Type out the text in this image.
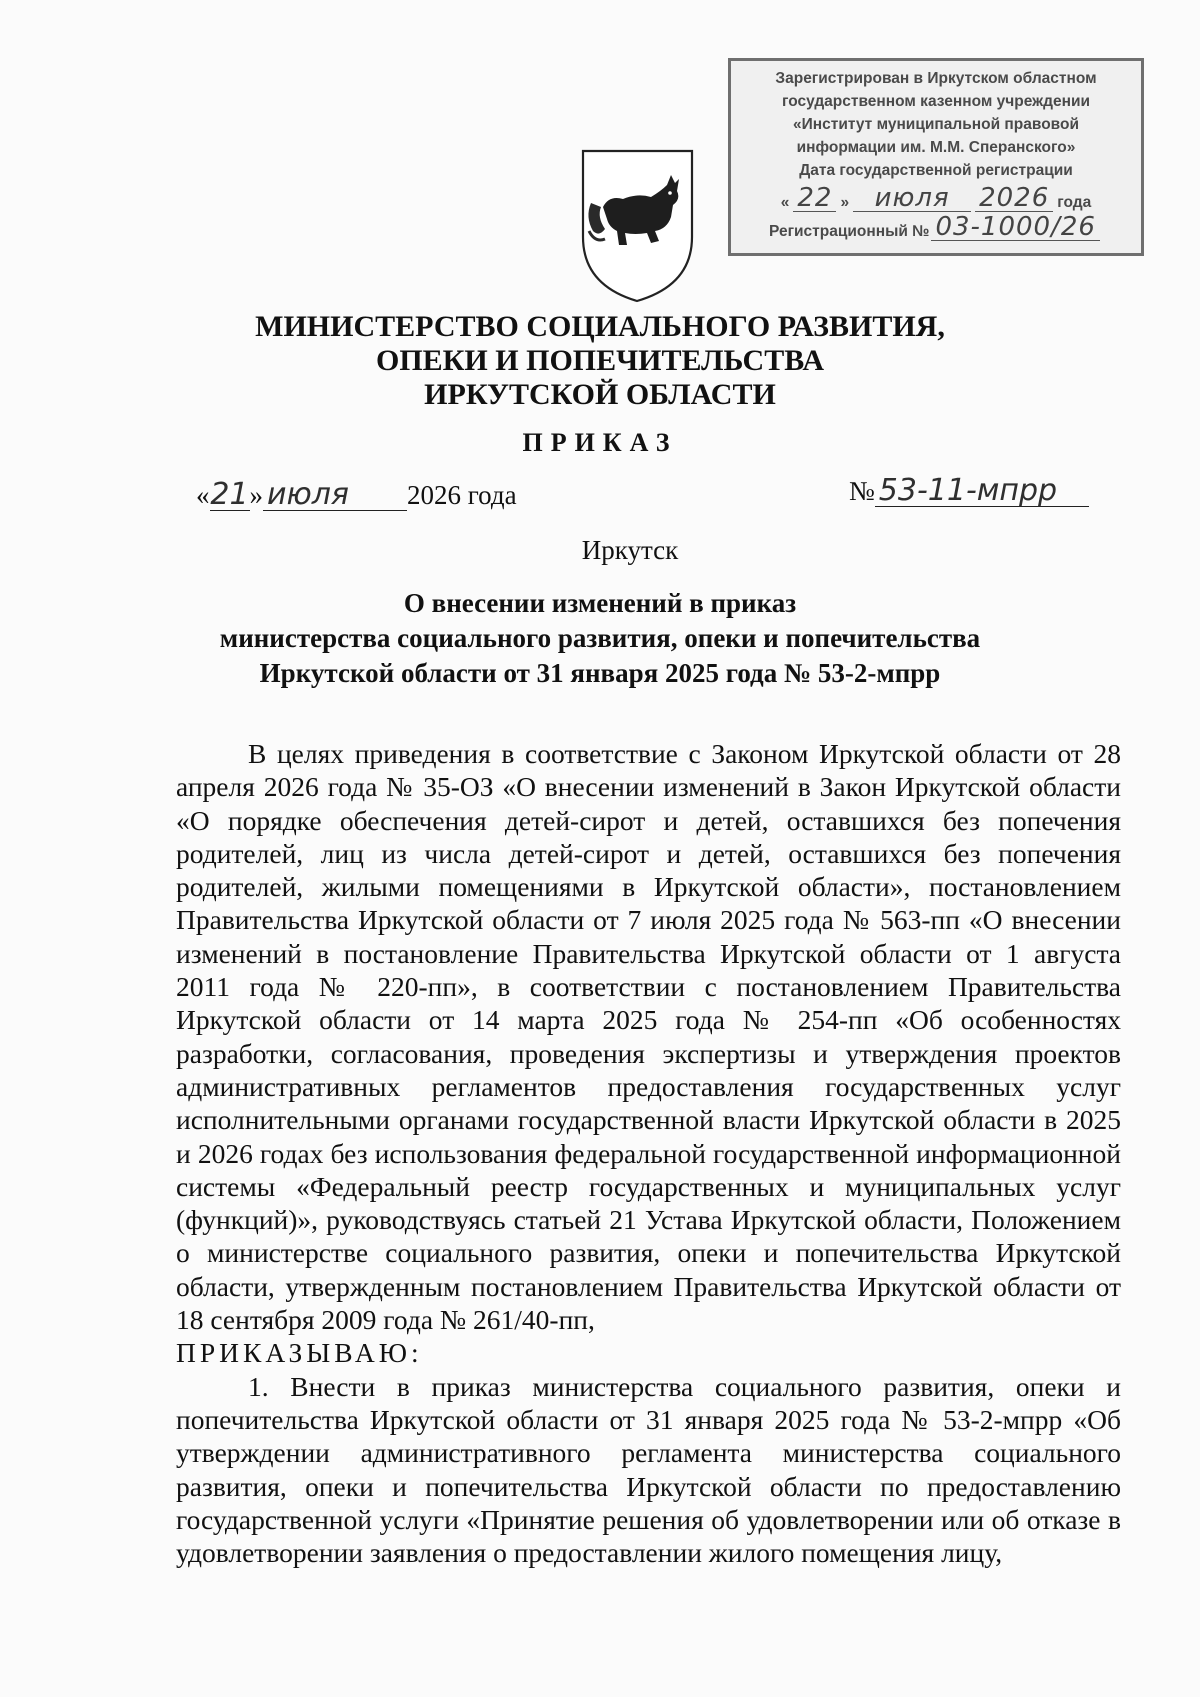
Зарегистрирован в Иркутском областном
государственном казенном учреждении
«Институт муниципальной правовой
информации им. М.М. Сперанского»
Дата государственной регистрации
« 22 » июля	2026 года
Регистрационный № 03-1000/26
МИНИСТЕРСТВО СОЦИАЛЬНОГО РАЗВИТИЯ,
ОПЕКИ И ПОПЕЧИТЕЛЬСТВА
ИРКУТСКОЙ ОБЛАСТИ
ПРИКАЗ
« 21 » июля	2026 года	№ 53-11-мпрр
Иркутск
О внесении изменений в приказ
министерства социального развития, опеки и попечительства
Иркутской области от 31 января 2025 года № 53-2-мпрр

В целях приведения в соответствие с Законом Иркутской области от 28 апреля 2026 года № 35-ОЗ «О внесении изменений в Закон Иркутской области «О порядке обеспечения детей-сирот и детей, оставшихся без попечения родителей, лиц из числа детей-сирот и детей, оставшихся без попечения родителей, жилыми помещениями в Иркутской области», постановлением Правительства Иркутской области от 7 июля 2025 года № 563-пп «О внесении изменений в постановление Правительства Иркутской области от 1 августа 2011 года № 220-пп», в соответствии с постановлением Правительства Иркутской области от 14 марта 2025 года № 254-пп «Об особенностях разработки, согласования, проведения экспертизы и утверждения проектов административных регламентов предоставления государственных услуг исполнительными органами государственной власти Иркутской области в 2025 и 2026 годах без использования федеральной государственной информационной системы «Федеральный реестр государственных и муниципальных услуг (функций)», руководствуясь статьей 21 Устава Иркутской области, Положением о министерстве социального развития, опеки и попечительства Иркутской области, утвержденным постановлением Правительства Иркутской области от 18 сентября 2009 года № 261/40-пп,

ПРИКАЗЫВАЮ:

1. Внести в приказ министерства социального развития, опеки и попечительства Иркутской области от 31 января 2025 года № 53-2-мпрр «Об утверждении административного регламента министерства социального развития, опеки и попечительства Иркутской области по предоставлению государственной услуги «Принятие решения об удовлетворении или об отказе в удовлетворении заявления о предоставлении жилого помещения лицу,
